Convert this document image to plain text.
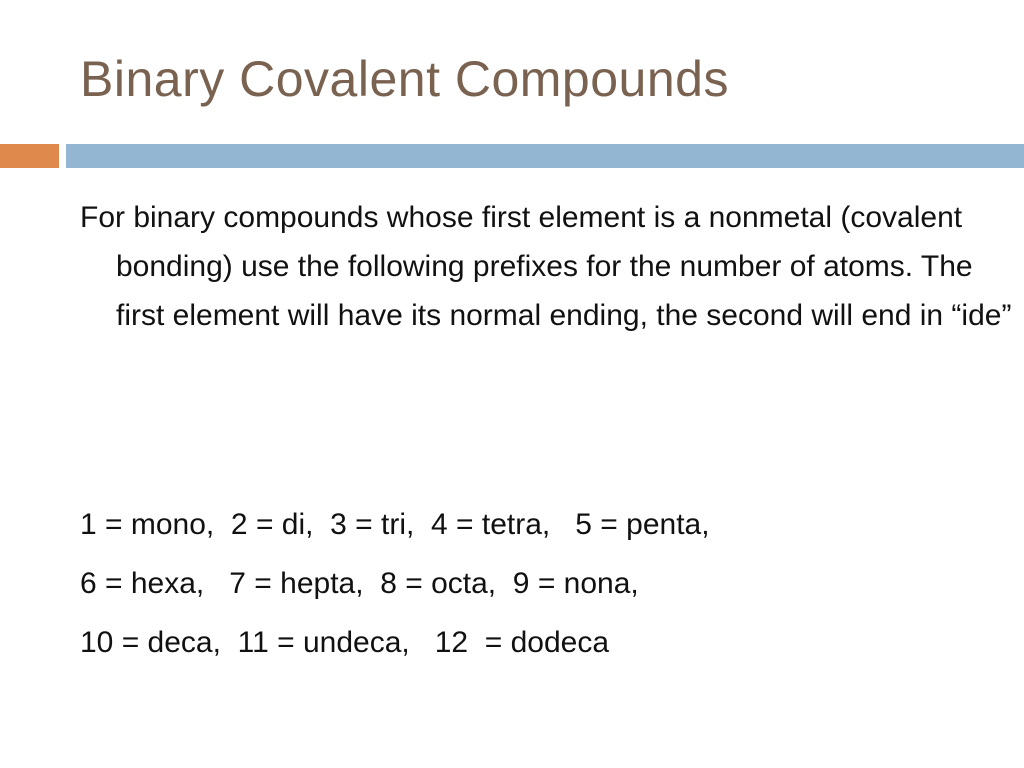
Binary Covalent Compounds

For binary compounds whose first element is a nonmetal (covalent bonding) use the following prefixes for the number of atoms. The first element will have its normal ending, the second will end in “ide”

1 = mono,  2 = di,  3 = tri,  4 = tetra,   5 = penta,

6 = hexa,   7 = hepta,  8 = octa,  9 = nona,

10 = deca,  11 = undeca,   12  = dodeca
